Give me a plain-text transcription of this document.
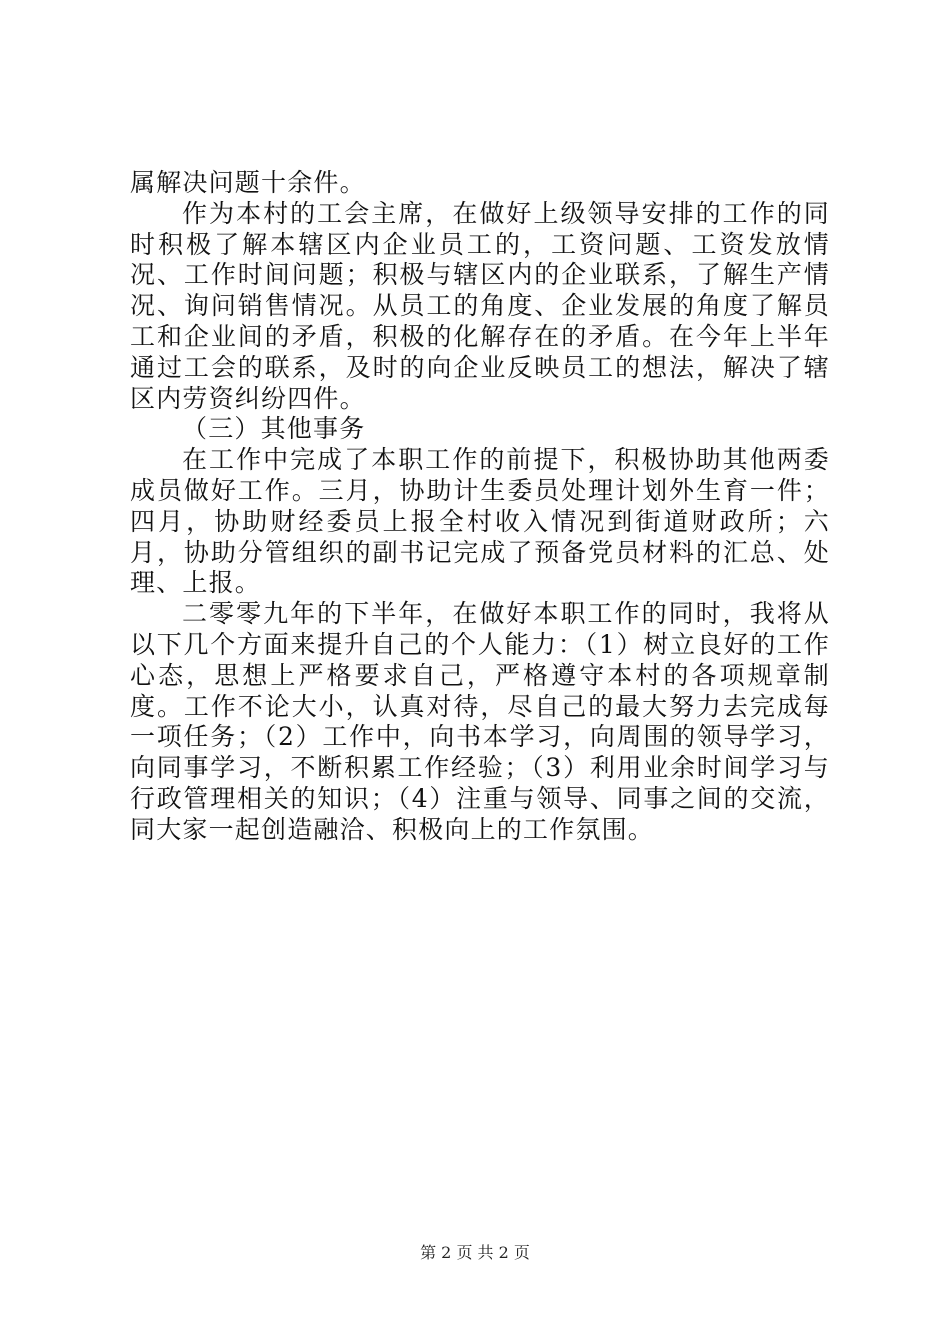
属解决问题十余件。

作为本村的工会主席，在做好上级领导安排的工作的同时积极了解本辖区内企业员工的，工资问题、工资发放情况、工作时间问题；积极与辖区内的企业联系，了解生产情况、询问销售情况。从员工的角度、企业发展的角度了解员工和企业间的矛盾，积极的化解存在的矛盾。在今年上半年通过工会的联系，及时的向企业反映员工的想法，解决了辖区内劳资纠纷四件。

（三）其他事务

在工作中完成了本职工作的前提下，积极协助其他两委成员做好工作。三月，协助计生委员处理计划外生育一件；四月，协助财经委员上报全村收入情况到街道财政所；六月，协助分管组织的副书记完成了预备党员材料的汇总、处理、上报。

二零零九年的下半年，在做好本职工作的同时，我将从以下几个方面来提升自己的个人能力：（1）树立良好的工作心态，思想上严格要求自己，严格遵守本村的各项规章制度。工作不论大小，认真对待，尽自己的最大努力去完成每一项任务；（2）工作中，向书本学习，向周围的领导学习，向同事学习，不断积累工作经验；（3）利用业余时间学习与行政管理相关的知识；（4）注重与领导、同事之间的交流，同大家一起创造融洽、积极向上的工作氛围。

第 2 页 共 2 页
